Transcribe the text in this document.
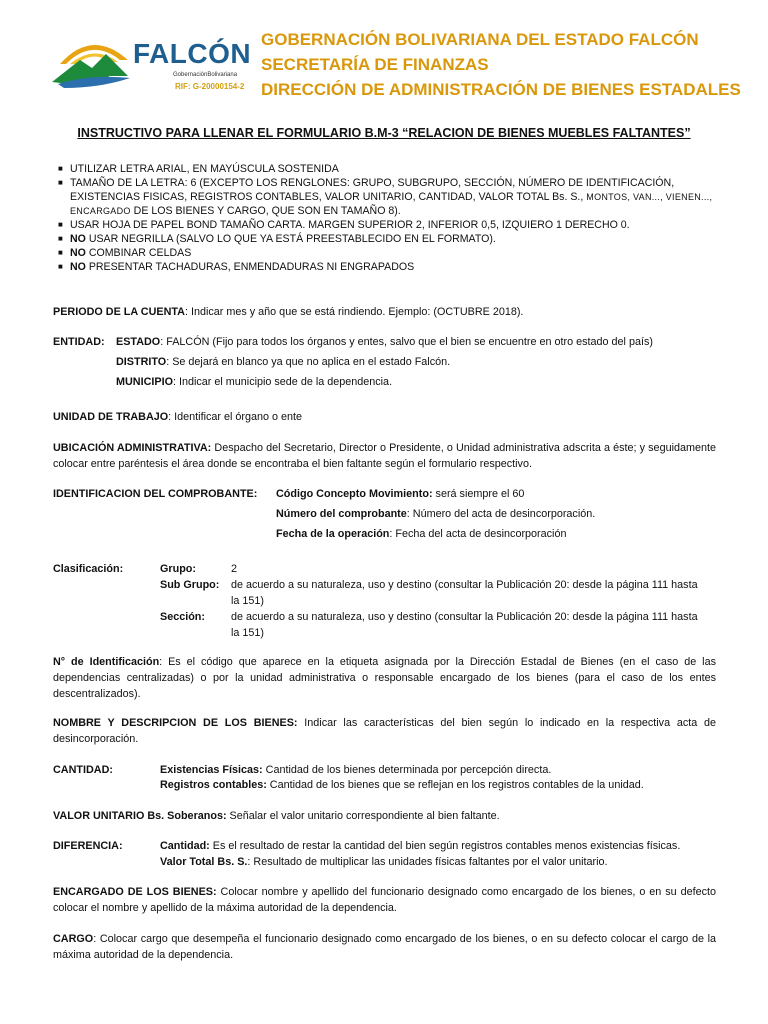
FALCÓN
GobernaciónBolivariana
RIF: G-20000154-2
GOBERNACIÓN BOLIVARIANA DEL ESTADO FALCÓN
SECRETARÍA DE FINANZAS
DIRECCIÓN DE ADMINISTRACIÓN DE BIENES ESTADALES
INSTRUCTIVO PARA LLENAR EL FORMULARIO B.M-3 “RELACION DE BIENES MUEBLES FALTANTES”
■ UTILIZAR LETRA ARIAL, EN MAYÚSCULA SOSTENIDA
■ TAMAÑO DE LA LETRA: 6 (EXCEPTO LOS RENGLONES: GRUPO, SUBGRUPO, SECCIÓN, NÚMERO DE IDENTIFICACIÓN, EXISTENCIAS FISICAS, REGISTROS CONTABLES, VALOR UNITARIO, CANTIDAD, VALOR TOTAL Bs. S., MONTOS, VAN..., VIENEN..., ENCARGADO DE LOS BIENES Y CARGO, QUE SON EN TAMAÑO 8).
■ USAR HOJA DE PAPEL BOND TAMAÑO CARTA. MARGEN SUPERIOR 2, INFERIOR 0,5, IZQUIERO 1 DERECHO 0.
■ NO USAR NEGRILLA (SALVO LO QUE YA ESTÁ PREESTABLECIDO EN EL FORMATO).
■ NO COMBINAR CELDAS
■ NO PRESENTAR TACHADURAS, ENMENDADURAS NI ENGRAPADOS
PERIODO DE LA CUENTA: Indicar mes y año que se está rindiendo. Ejemplo: (OCTUBRE 2018).
ENTIDAD: ESTADO: FALCÓN (Fijo para todos los órganos y entes, salvo que el bien se encuentre en otro estado del país)
DISTRITO: Se dejará en blanco ya que no aplica en el estado Falcón.
MUNICIPIO: Indicar el municipio sede de la dependencia.
UNIDAD DE TRABAJO: Identificar el órgano o ente
UBICACIÓN ADMINISTRATIVA: Despacho del Secretario, Director o Presidente, o Unidad administrativa adscrita a éste; y seguidamente colocar entre paréntesis el área donde se encontraba el bien faltante según el formulario respectivo.
IDENTIFICACION DEL COMPROBANTE: Código Concepto Movimiento: será siempre el 60
Número del comprobante: Número del acta de desincorporación.
Fecha de la operación: Fecha del acta de desincorporación
Clasificación:	Grupo:	2
Sub Grupo: de acuerdo a su naturaleza, uso y destino (consultar la Publicación 20: desde la página 111 hasta la 151)
Sección: de acuerdo a su naturaleza, uso y destino (consultar la Publicación 20: desde la página 111 hasta la 151)
N° de Identificación: Es el código que aparece en la etiqueta asignada por la Dirección Estadal de Bienes (en el caso de las dependencias centralizadas) o por la unidad administrativa o responsable encargado de los bienes (para el caso de los entes descentralizados).
NOMBRE Y DESCRIPCION DE LOS BIENES: Indicar las características del bien según lo indicado en la respectiva acta de desincorporación.
CANTIDAD:	Existencias Físicas: Cantidad de los bienes determinada por percepción directa.
Registros contables: Cantidad de los bienes que se reflejan en los registros contables de la unidad.
VALOR UNITARIO Bs. Soberanos: Señalar el valor unitario correspondiente al bien faltante.
DIFERENCIA:	Cantidad: Es el resultado de restar la cantidad del bien según registros contables menos existencias físicas.
Valor Total Bs. S.: Resultado de multiplicar las unidades físicas faltantes por el valor unitario.
ENCARGADO DE LOS BIENES: Colocar nombre y apellido del funcionario designado como encargado de los bienes, o en su defecto colocar el nombre y apellido de la máxima autoridad de la dependencia.
CARGO: Colocar cargo que desempeña el funcionario designado como encargado de los bienes, o en su defecto colocar el cargo de la máxima autoridad de la dependencia.
